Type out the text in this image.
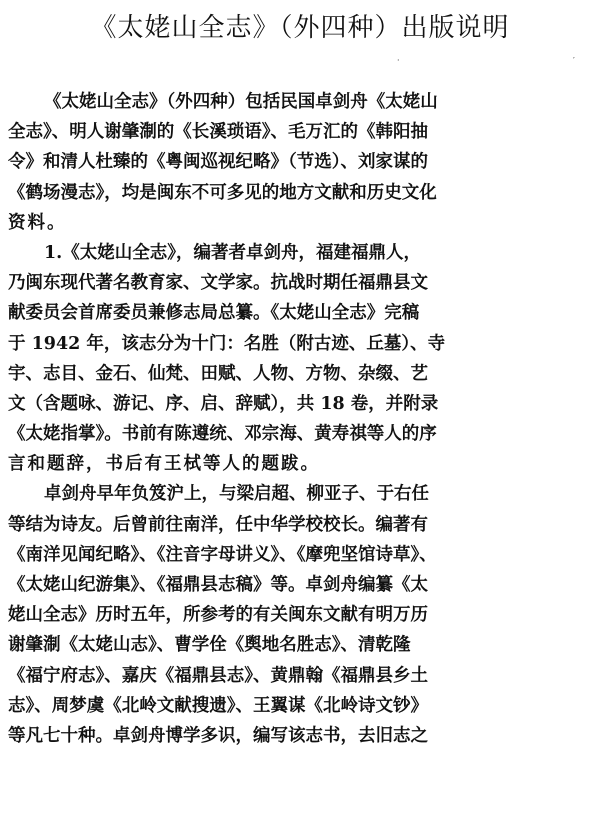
《太姥山全志》（外四种）出版说明
·	′
《太姥山全志》（外四种）包括民国卓剑舟《太姥山
全志》、明人谢肇淛的《长溪琐语》、毛万汇的《韩阳抽
令》和清人杜臻的《粤闽巡视纪略》（节选）、刘家谋的
《鹤场漫志》，均是闽东不可多见的地方文献和历史文化
资料。
1.《太姥山全志》，编著者卓剑舟，福建福鼎人，
乃闽东现代著名教育家、文学家。抗战时期任福鼎县文
献委员会首席委员兼修志局总纂。《太姥山全志》完稿
于 1942 年，该志分为十门：名胜（附古迹、丘墓）、寺
宇、志目、金石、仙梵、田赋、人物、方物、杂缀、艺
文（含题咏、游记、序、启、辞赋），共 18 卷，并附录
《太姥指掌》。书前有陈遵统、邓宗海、黄寿祺等人的序
言和题辞，书后有王栻等人的题跋。
卓剑舟早年负笈沪上，与梁启超、柳亚子、于右任
等结为诗友。后曾前往南洋，任中华学校校长。编著有
《南洋见闻纪略》、《注音字母讲义》、《摩兜坚馆诗草》、
《太姥山纪游集》、《福鼎县志稿》等。卓剑舟编纂《太
姥山全志》历时五年，所参考的有关闽东文献有明万历
谢肇淛《太姥山志》、曹学佺《舆地名胜志》、清乾隆
《福宁府志》、嘉庆《福鼎县志》、黄鼎翰《福鼎县乡土
志》、周梦虞《北岭文献搜遗》、王翼谋《北岭诗文钞》
等凡七十种。卓剑舟博学多识，编写该志书，去旧志之
